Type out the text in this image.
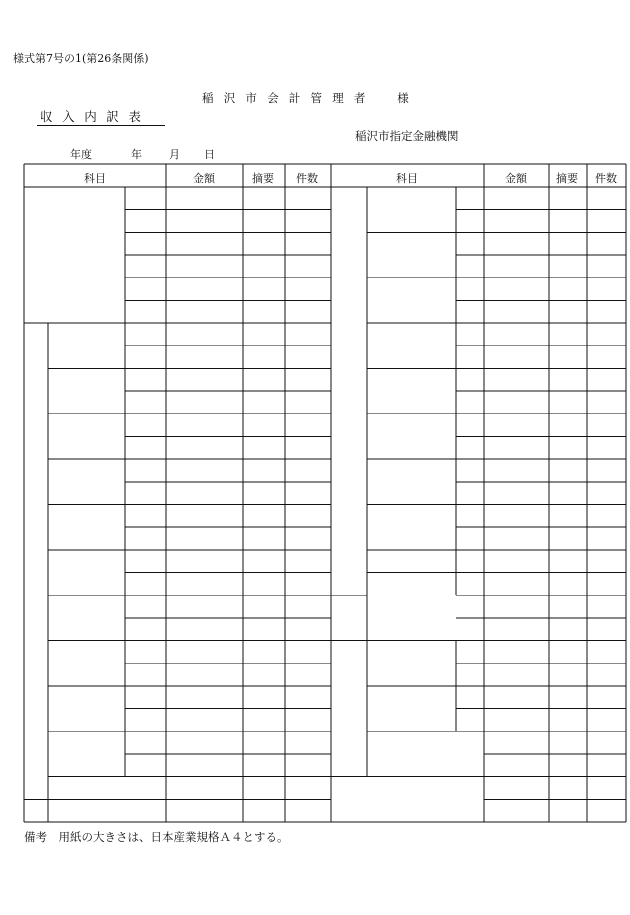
様式第7号の1(第26条関係)
稲沢市会計管理者　様
収入内訳表
稲沢市指定金融機関
年度	年 月 日
科目	金額	摘要 件数	科目	金額	摘要 件数
備考　用紙の大きさは、日本産業規格Ａ４とする。
